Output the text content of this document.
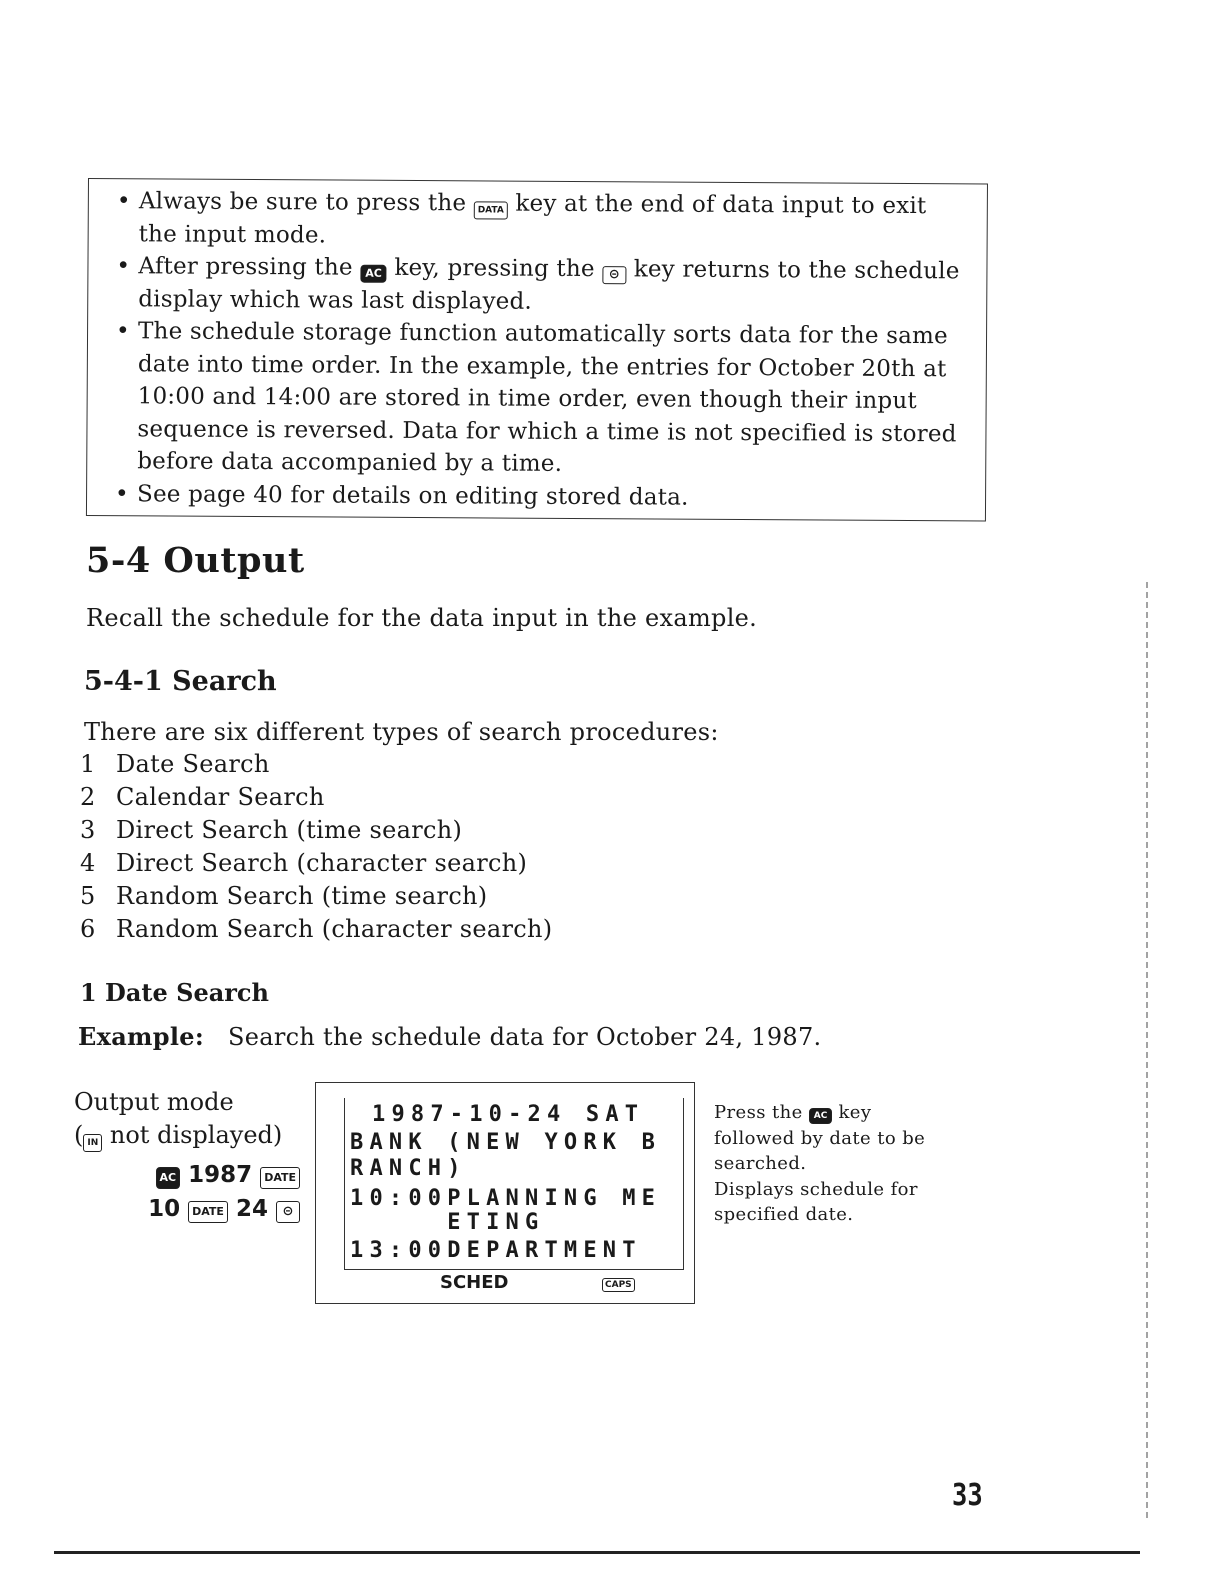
• Always be sure to press the DATA key at the end of data input to exit the input mode.
• After pressing the AC key, pressing the ⊝ key returns to the schedule display which was last displayed.
• The schedule storage function automatically sorts data for the same date into time order. In the example, the entries for October 20th at 10:00 and 14:00 are stored in time order, even though their input sequence is reversed. Data for which a time is not specified is stored before data accompanied by a time.
• See page 40 for details on editing stored data.
5-4 Output
Recall the schedule for the data input in the example.
5-4-1 Search
There are six different types of search procedures:
1 Date Search
2 Calendar Search
3 Direct Search (time search)
4 Direct Search (character search)
5 Random Search (time search)
6 Random Search (character search)
1 Date Search
Example: Search the schedule data for October 24, 1987.
Output mode
( IN not displayed)
AC 1987 DATE
10 DATE 24 ⊝
1987-10-24 SAT
BANK (NEW YORK B
RANCH)
10:00PLANNING ME
ETING
13:00DEPARTMENT
SCHED	CAPS
Press the AC key
followed by date to be
searched.
Displays schedule for
specified date.
33
